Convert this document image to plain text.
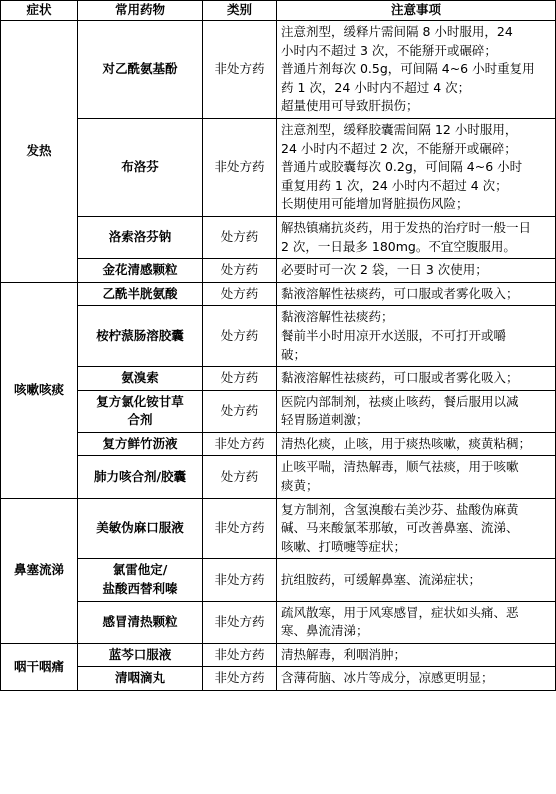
症状	常用药物	类别	注意事项
发热	对乙酰氨基酚	非处方药	注意剂型，缓释片需间隔 8 小时服用，24
小时内不超过 3 次，不能掰开或碾碎；
普通片剂每次 0.5g，可间隔 4~6 小时重复用
药 1 次，24 小时内不超过 4 次；
超量使用可导致肝损伤；

	布洛芬	非处方药	注意剂型，缓释胶囊需间隔 12 小时服用，
24 小时内不超过 2 次，不能掰开或碾碎；
普通片或胶囊每次 0.2g，可间隔 4~6 小时
重复用药 1 次，24 小时内不超过 4 次；
长期使用可能增加肾脏损伤风险；

	洛索洛芬钠	处方药	解热镇痛抗炎药，用于发热的治疗时一般一日
2 次，一日最多 180mg。不宜空腹服用。

	金花清感颗粒	处方药	必要时可一次 2 袋，一日 3 次使用；

咳嗽咳痰	乙酰半胱氨酸	处方药	黏液溶解性祛痰药，可口服或者雾化吸入；

	桉柠蒎肠溶胶囊	处方药	黏液溶解性祛痰药；
餐前半小时用凉开水送服，不可打开或嚼
破；

	氨溴索	处方药	黏液溶解性祛痰药，可口服或者雾化吸入；

	复方氯化铵甘草
合剂	处方药	医院内部制剂，祛痰止咳药，餐后服用以减
轻胃肠道刺激；

	复方鲜竹沥液	非处方药	清热化痰，止咳，用于痰热咳嗽，痰黄粘稠；

	肺力咳合剂/胶囊	处方药	止咳平喘，清热解毒，顺气祛痰，用于咳嗽
痰黄；

鼻塞流涕	美敏伪麻口服液	非处方药	复方制剂，含氢溴酸右美沙芬、盐酸伪麻黄
碱、马来酸氯苯那敏，可改善鼻塞、流涕、
咳嗽、打喷嚏等症状；

	氯雷他定/
盐酸西替利嗪	非处方药	抗组胺药，可缓解鼻塞、流涕症状；

	感冒清热颗粒	非处方药	疏风散寒，用于风寒感冒，症状如头痛、恶
寒、鼻流清涕；

咽干咽痛	蓝芩口服液	非处方药	清热解毒，利咽消肿；

	清咽滴丸	非处方药	含薄荷脑、冰片等成分，凉感更明显；
